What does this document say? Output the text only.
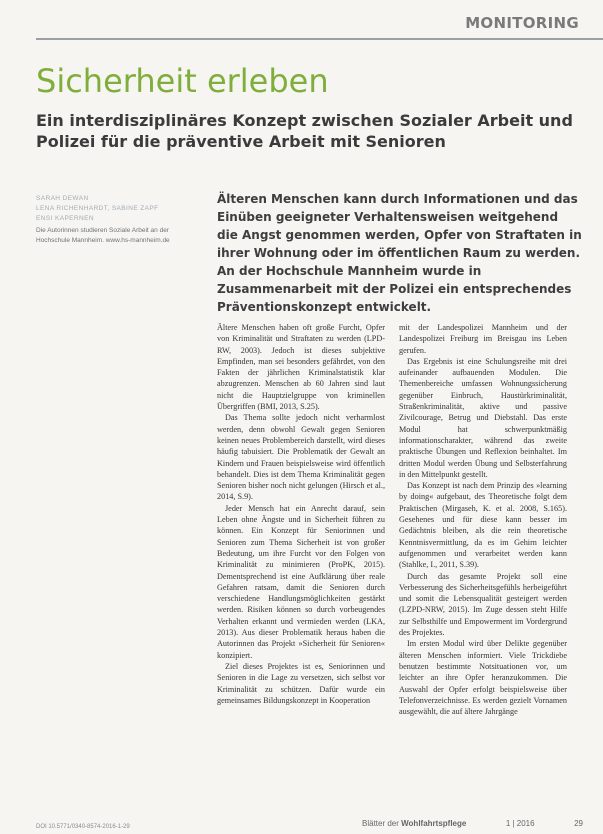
MONITORING
Sicherheit erleben
Ein interdisziplinäres Konzept zwischen Sozialer Arbeit und Polizei für die präventive Arbeit mit Senioren
SARAH DEWAN
LENA RICHENHARDT, SABINE ZAPF
ENSI KAPERNEN
Die Autorinnen studieren Soziale Arbeit an der Hochschule Mannheim. www.hs-mannheim.de
Älteren Menschen kann durch Informationen und das Einüben geeigneter Verhaltensweisen weitgehend die Angst genommen werden, Opfer von Straftaten in ihrer Wohnung oder im öffentlichen Raum zu werden. An der Hochschule Mannheim wurde in Zusammenarbeit mit der Polizei ein entsprechendes Präventionskonzept entwickelt.

Ältere Menschen haben oft große Furcht, Opfer von Kriminalität und Straftaten zu werden (LPD-RW, 2003). Jedoch ist dieses subjektive Empfinden, man sei besonders gefährdet, von den Fakten der jährlichen Kriminalstatistik klar abzugrenzen. Menschen ab 60 Jahren sind laut nicht die Hauptzielgruppe von kriminellen Übergriffen (BMI, 2013, S.25).

Das Thema sollte jedoch nicht verharmlost werden, denn obwohl Gewalt gegen Senioren keinen neues Problembereich darstellt, wird dieses häufig tabuisiert. Die Problematik der Gewalt an Kindern und Frauen beispielsweise wird öffentlich behandelt. Dies ist dem Thema Kriminalität gegen Senioren bisher noch nicht gelungen (Hirsch et al., 2014, S.9).

Jeder Mensch hat ein Anrecht darauf, sein Leben ohne Ängste und in Sicherheit führen zu können. Ein Konzept für Seniorinnen und Senioren zum Thema Sicherheit ist von großer Bedeutung, um ihre Furcht vor den Folgen von Kriminalität zu minimieren (ProPK, 2015). Dementsprechend ist eine Aufklärung über reale Gefahren ratsam, damit die Senioren durch verschiedene Handlungsmöglichkeiten gestärkt werden. Risiken können so durch vorbeugendes Verhalten erkannt und vermieden werden (LKA, 2013). Aus dieser Problematik heraus haben die Autorinnen das Projekt »Sicherheit für Senioren« konzipiert.

Ziel dieses Projektes ist es, Seniorinnen und Senioren in die Lage zu versetzen, sich selbst vor Kriminalität zu schützen. Dafür wurde ein gemeinsames Bildungskonzept in Kooperation

mit der Landespolizei Mannheim und der Landespolizei Freiburg im Breisgau ins Leben gerufen.

Das Ergebnis ist eine Schulungsreihe mit drei aufeinander aufbauenden Modulen. Die Themenbereiche umfassen Wohnungssicherung gegenüber Einbruch, Haustürkriminalität, Straßenkriminalität, aktive und passive Zivilcourage, Betrug und Diebstahl. Das erste Modul hat schwerpunktmäßig informationscharakter, während das zweite praktische Übungen und Reflexion beinhaltet. Im dritten Modul werden Übung und Selbsterfahrung in den Mittelpunkt gestellt.

Das Konzept ist nach dem Prinzip des »learning by doing« aufgebaut, des Theoretische folgt dem Praktischen (Mirgaseh, K. et al. 2008, S.165). Gesehenes und für diese kann besser im Gedächtnis bleiben, als die rein theoretische Kenntnisvermittlung, da es im Gehirn leichter aufgenommen und verarbeitet werden kann (Stahlke, I., 2011, S.39).

Durch das gesamte Projekt soll eine Verbesserung des Sicherheitsgefühls herbeigeführt und somit die Lebensqualität gesteigert werden (LZPD-NRW, 2015). Im Zuge dessen steht Hilfe zur Selbsthilfe und Empowerment im Vordergrund des Projektes.

Im ersten Modul wird über Delikte gegenüber älteren Menschen informiert. Viele Trickdiebe benutzen bestimmte Notsituationen vor, um leichter an ihre Opfer heranzukommen. Die Auswahl der Opfer erfolgt beispielsweise über Telefonverzeichnisse. Es werden gezielt Vornamen ausgewählt, die auf ältere Jahrgänge

DOI 10.5771/0340-8574-2016-1-29	Blätter der Wohlfahrtspflege	1 | 2016	29
